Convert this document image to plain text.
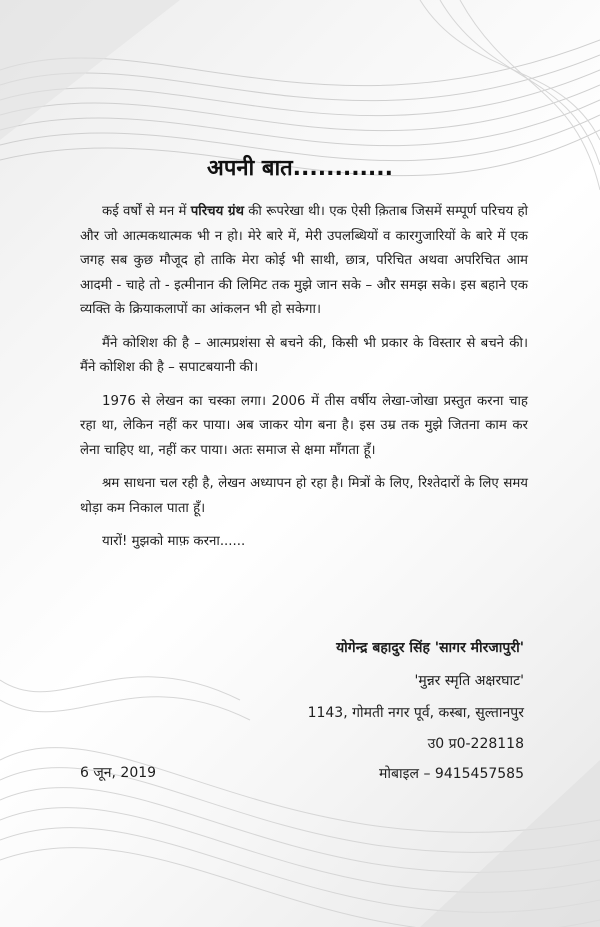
अपनी बात............

कई वर्षों से मन में परिचय ग्रंथ की रूपरेखा थी। एक ऐसी क़िताब जिसमें सम्पूर्ण परिचय हो और जो आत्मकथात्मक भी न हो। मेरे बारे में, मेरी उपलब्धियों व कारगुजारियों के बारे में एक जगह सब कुछ मौजूद हो ताकि मेरा कोई भी साथी, छात्र, परिचित अथवा अपरिचित आम आदमी - चाहे तो - इत्मीनान की लिमिट तक मुझे जान सके – और समझ सके। इस बहाने एक व्यक्ति के क्रियाकलापों का आंकलन भी हो सकेगा।

मैंने कोशिश की है – आत्मप्रशंसा से बचने की, किसी भी प्रकार के विस्तार से बचने की। मैंने कोशिश की है – सपाटबयानी की।

1976 से लेखन का चस्का लगा। 2006 में तीस वर्षीय लेखा-जोखा प्रस्तुत करना चाह रहा था, लेकिन नहीं कर पाया। अब जाकर योग बना है। इस उम्र तक मुझे जितना काम कर लेना चाहिए था, नहीं कर पाया। अतः समाज से क्षमा माँगता हूँ।

श्रम साधना चल रही है, लेखन अध्यापन हो रहा है। मित्रों के लिए, रिश्तेदारों के लिए समय थोड़ा कम निकाल पाता हूँ।

यारों! मुझको माफ़ करना......

योगेन्द्र बहादुर सिंह 'सागर मीरजापुरी'
'मुन्नर स्मृति अक्षरघाट'
1143, गोमती नगर पूर्व, कस्बा, सुल्तानपुर
उ0 प्र0-228118
मोबाइल – 9415457585
6 जून, 2019
